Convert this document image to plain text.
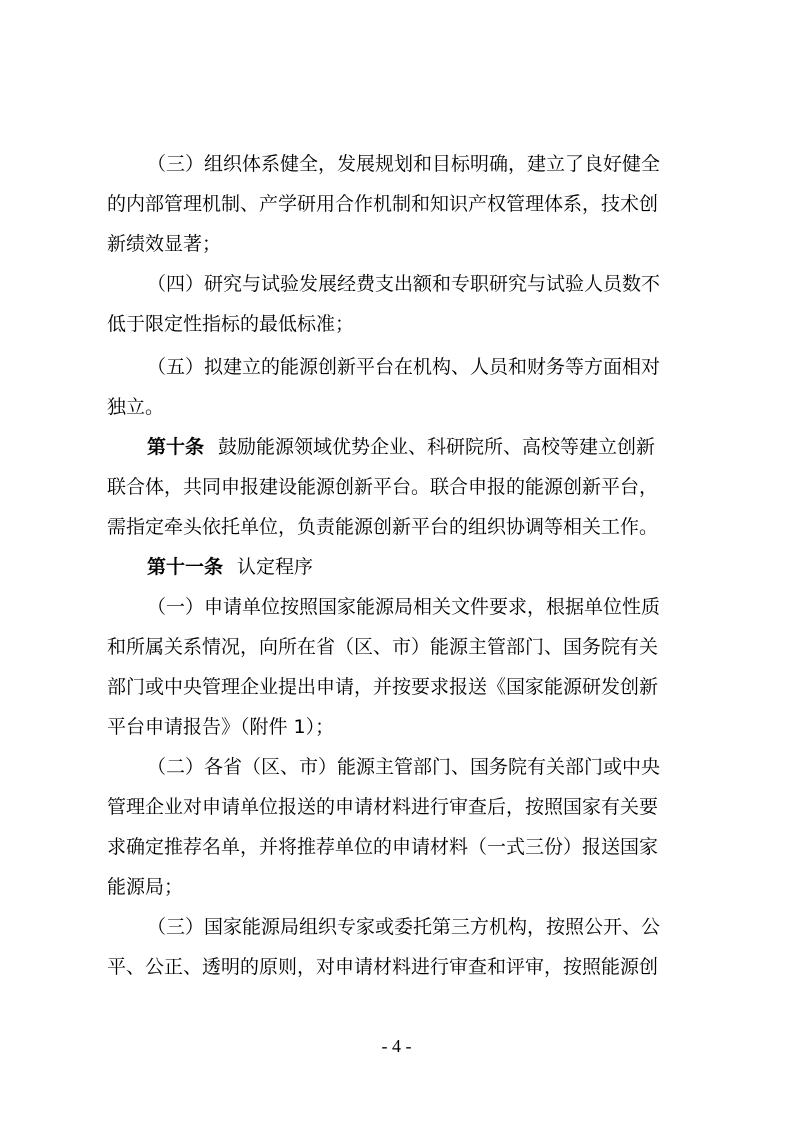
（三）组织体系健全，发展规划和目标明确，建立了良好健全
的内部管理机制、产学研用合作机制和知识产权管理体系，技术创
新绩效显著；
（四）研究与试验发展经费支出额和专职研究与试验人员数不
低于限定性指标的最低标准；
（五）拟建立的能源创新平台在机构、人员和财务等方面相对
独立。
第十条 鼓励能源领域优势企业、科研院所、高校等建立创新
联合体，共同申报建设能源创新平台。联合申报的能源创新平台，
需指定牵头依托单位，负责能源创新平台的组织协调等相关工作。
第十一条 认定程序
（一）申请单位按照国家能源局相关文件要求，根据单位性质
和所属关系情况，向所在省（区、市）能源主管部门、国务院有关
部门或中央管理企业提出申请，并按要求报送《国家能源研发创新
平台申请报告》（附件 1）；
（二）各省（区、市）能源主管部门、国务院有关部门或中央
管理企业对申请单位报送的申请材料进行审查后，按照国家有关要
求确定推荐名单，并将推荐单位的申请材料（一式三份）报送国家
能源局；
（三）国家能源局组织专家或委托第三方机构，按照公开、公
平、公正、透明的原则，对申请材料进行审查和评审，按照能源创
- 4 -
